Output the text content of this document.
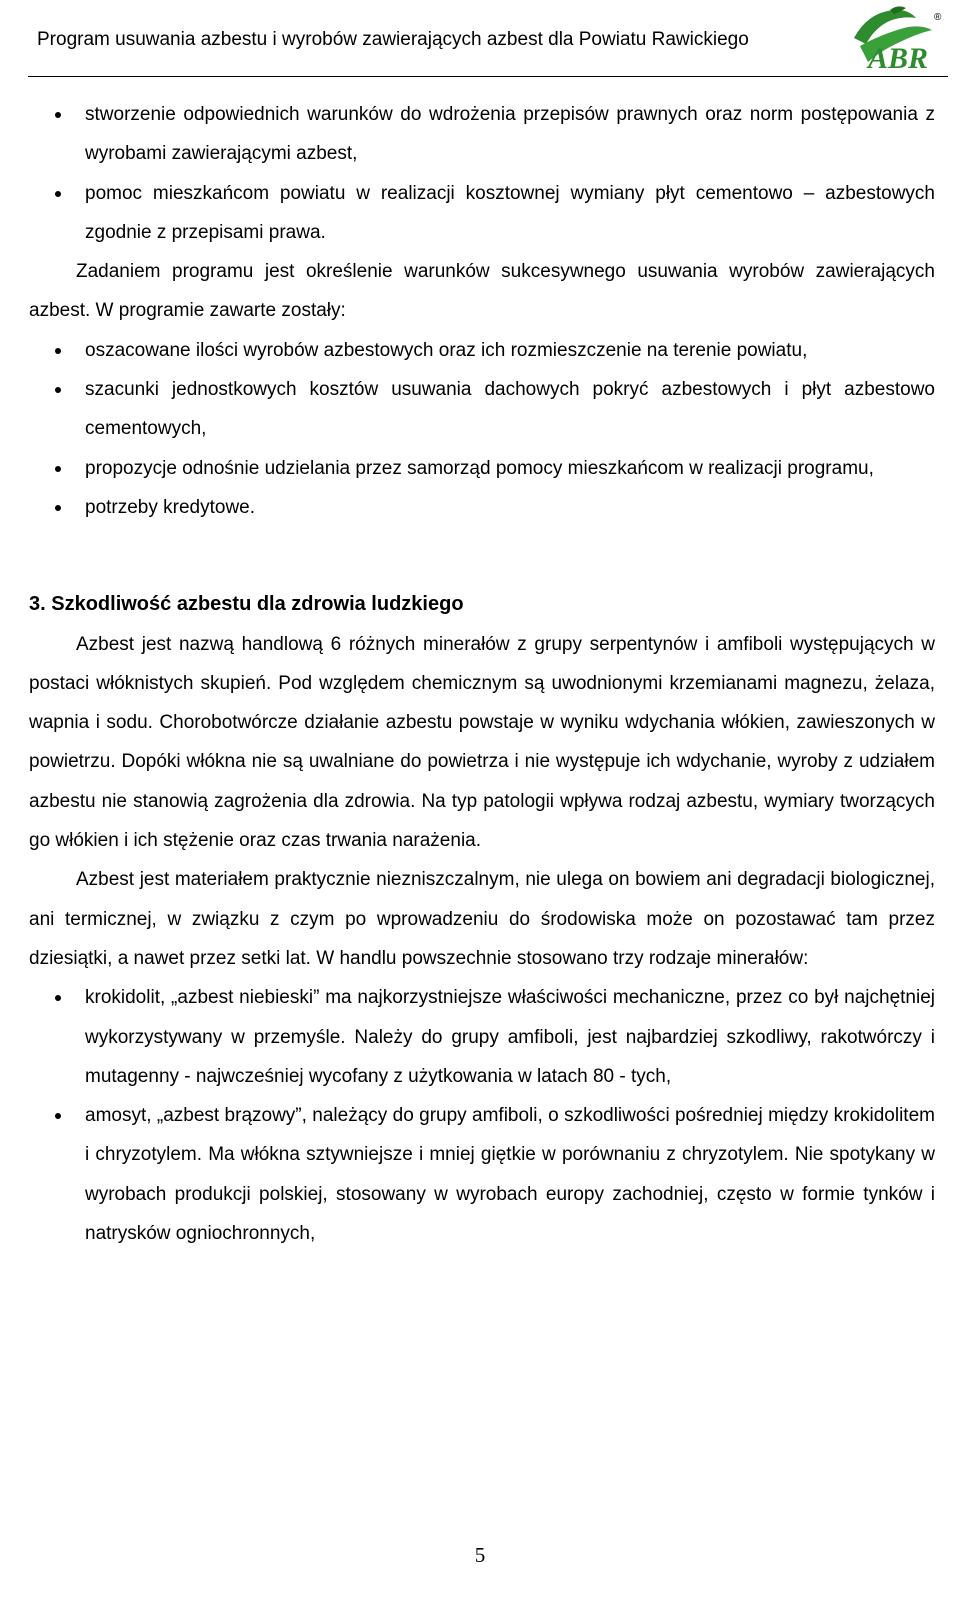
Program usuwania azbestu i wyrobów zawierających azbest dla Powiatu Rawickiego
ABR
®
stworzenie odpowiednich warunków do wdrożenia przepisów prawnych oraz norm postępowania z wyrobami zawierającymi azbest,
pomoc mieszkańcom powiatu w realizacji kosztownej wymiany płyt cementowo – azbestowych zgodnie z przepisami prawa.

Zadaniem programu jest określenie warunków sukcesywnego usuwania wyrobów zawierających azbest. W programie zawarte zostały:

oszacowane ilości wyrobów azbestowych oraz ich rozmieszczenie na terenie powiatu,
szacunki jednostkowych kosztów usuwania dachowych pokryć azbestowych i płyt azbestowo cementowych,
propozycje odnośnie udzielania przez samorząd pomocy mieszkańcom w realizacji programu,
potrzeby kredytowe.

3. Szkodliwość azbestu dla zdrowia ludzkiego

Azbest jest nazwą handlową 6 różnych minerałów z grupy serpentynów i amfiboli występujących w postaci włóknistych skupień. Pod względem chemicznym są uwodnionymi krzemianami magnezu, żelaza, wapnia i sodu. Chorobotwórcze działanie azbestu powstaje w wyniku wdychania włókien, zawieszonych w powietrzu. Dopóki włókna nie są uwalniane do powietrza i nie występuje ich wdychanie, wyroby z udziałem azbestu nie stanowią zagrożenia dla zdrowia. Na typ patologii wpływa rodzaj azbestu, wymiary tworzących go włókien i ich stężenie oraz czas trwania narażenia.

Azbest jest materiałem praktycznie niezniszczalnym, nie ulega on bowiem ani degradacji biologicznej, ani termicznej, w związku z czym po wprowadzeniu do środowiska może on pozostawać tam przez dziesiątki, a nawet przez setki lat. W handlu powszechnie stosowano trzy rodzaje minerałów:

krokidolit, „azbest niebieski” ma najkorzystniejsze właściwości mechaniczne, przez co był najchętniej wykorzystywany w przemyśle. Należy do grupy amfiboli, jest najbardziej szkodliwy, rakotwórczy i mutagenny - najwcześniej wycofany z użytkowania w latach 80 - tych,
amosyt, „azbest brązowy”, należący do grupy amfiboli, o szkodliwości pośredniej między krokidolitem i chryzotylem. Ma włókna sztywniejsze i mniej giętkie w porównaniu z chryzotylem. Nie spotykany w wyrobach produkcji polskiej, stosowany w wyrobach europy zachodniej, często w formie tynków i natrysków ogniochronnych,
5
